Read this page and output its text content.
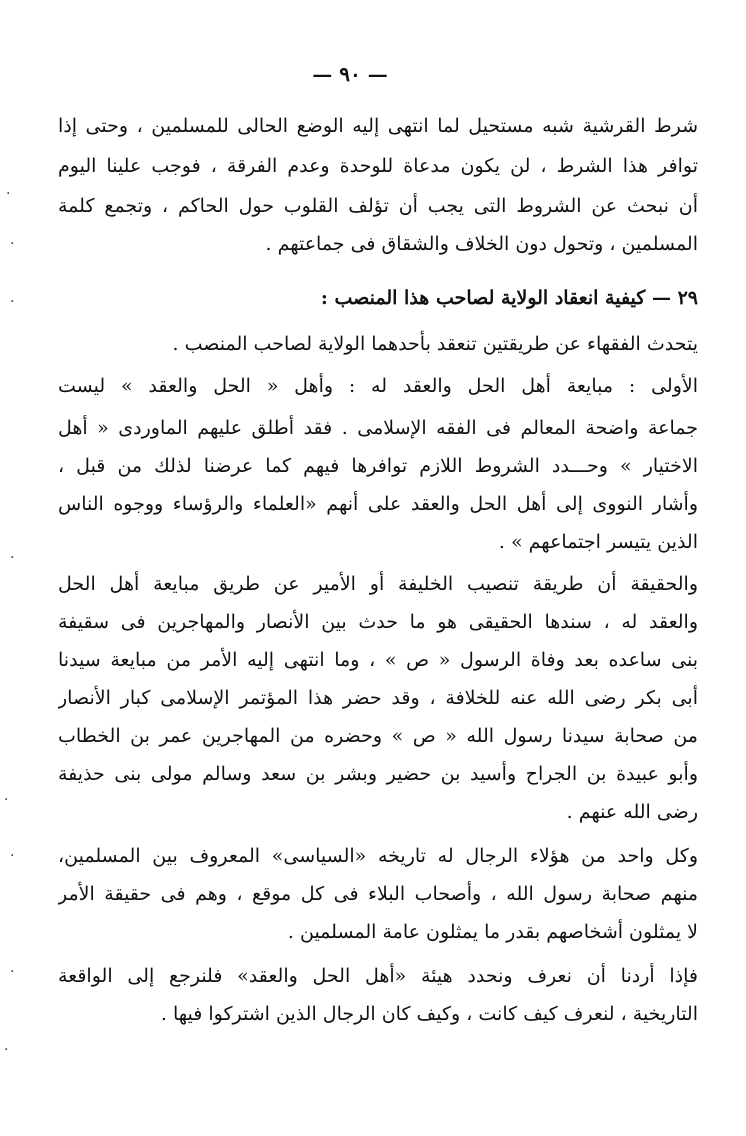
— ٩٠ —
شرط القرشية شبه مستحيل لما انتهى إليه الوضع الحالى للمسلمين ، وحتى إذا
توافر هذا الشرط ، لن يكون مدعاة للوحدة وعدم الفرقة ، فوجب علينا اليوم
أن نبحث عن الشروط التى يجب أن تؤلف القلوب حول الحاكم ، وتجمع كلمة
المسلمين ، وتحول دون الخلاف والشقاق فى جماعتهم .
٢٩ — كيفية انعقاد الولاية لصاحب هذا المنصب :
يتحدث الفقهاء عن طريقتين تنعقد بأحدهما الولاية لصاحب المنصب .
الأولى : مبايعة أهل الحل والعقد له : وأهل « الحل والعقد » ليست
جماعة واضحة المعالم فى الفقه الإسلامى . فقد أطلق عليهم الماوردى « أهل
الاختيار » وحـــدد الشروط اللازم توافرها فيهم كما عرضنا لذلك من قبل ،
وأشار النووى إلى أهل الحل والعقد على أنهم «العلماء والرؤساء ووجوه الناس
الذين يتيسر اجتماعهم » .
والحقيقة أن طريقة تنصيب الخليفة أو الأمير عن طريق مبايعة أهل الحل
والعقد له ، سندها الحقيقى هو ما حدث بين الأنصار والمهاجرين فى سقيفة
بنى ساعده بعد وفاة الرسول « ص » ، وما انتهى إليه الأمر من مبايعة سيدنا
أبى بكر رضى الله عنه للخلافة ، وقد حضر هذا المؤتمر الإسلامى كبار الأنصار
من صحابة سيدنا رسول الله « ص » وحضره من المهاجرين عمر بن الخطاب
وأبو عبيدة بن الجراح وأسيد بن حضير وبشر بن سعد وسالم مولى بنى حذيفة
رضى الله عنهم .
وكل واحد من هؤلاء الرجال له تاريخه «السياسى» المعروف بين المسلمين،
منهم صحابة رسول الله ، وأصحاب البلاء فى كل موقع ، وهم فى حقيقة الأمر
لا يمثلون أشخاصهم بقدر ما يمثلون عامة المسلمين .
فإذا أردنا أن نعرف ونحدد هيئة «أهل الحل والعقد» فلنرجع إلى الواقعة
التاريخية ، لنعرف كيف كانت ، وكيف كان الرجال الذين اشتركوا فيها .
·
·
·
·
·
·
·
·
